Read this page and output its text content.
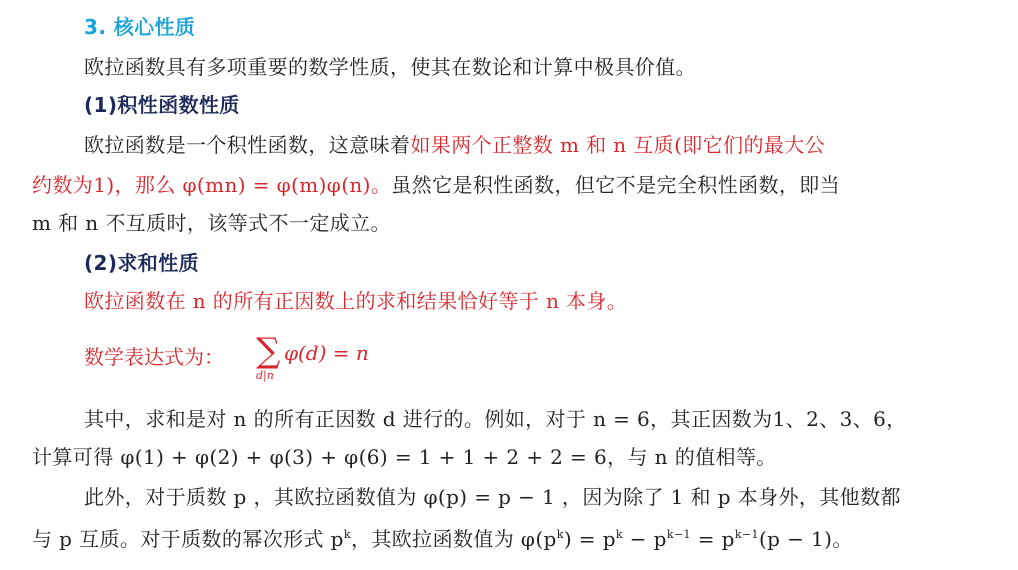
3. 核心性质
欧拉函数具有多项重要的数学性质，使其在数论和计算中极具价值。
(1)积性函数性质
欧拉函数是一个积性函数，这意味着如果两个正整数 m 和 n 互质(即它们的最大公
约数为1)，那么 φ(mn) = φ(m)φ(n)。虽然它是积性函数，但它不是完全积性函数，即当
m 和 n 不互质时，该等式不一定成立。
(2)求和性质
欧拉函数在 n 的所有正因数上的求和结果恰好等于 n 本身。
数学表达式为： ∑
d|n
φ(d) = n
其中，求和是对 n 的所有正因数 d 进行的。例如，对于 n = 6，其正因数为1、2、3、6，
计算可得 φ(1) + φ(2) + φ(3) + φ(6) = 1 + 1 + 2 + 2 = 6，与 n 的值相等。
此外，对于质数 p ，其欧拉函数值为 φ(p) = p − 1 ，因为除了 1 和 p 本身外，其他数都
与 p 互质。对于质数的幂次形式 $p^k$，其欧拉函数值为 $\varphi(p^k) = p^k - p^{k-1} = p^{k-1}(p - 1)$。
